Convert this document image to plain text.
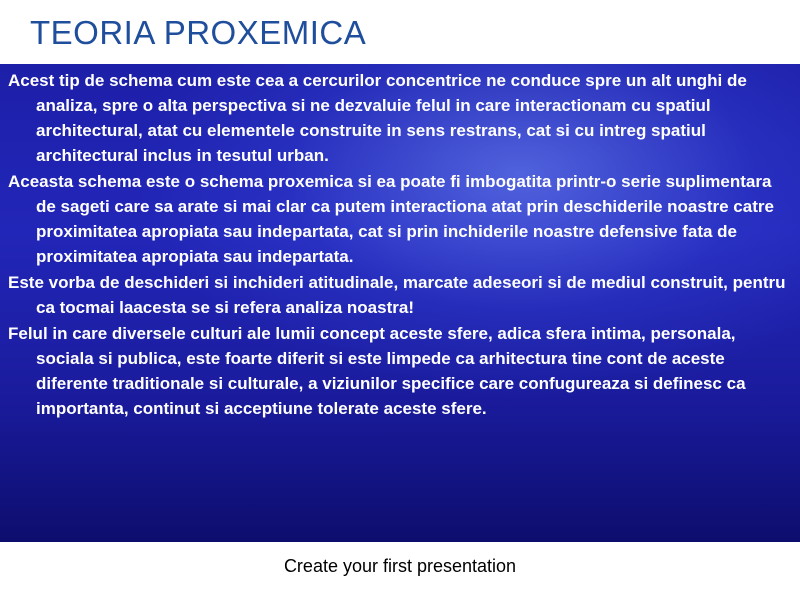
TEORIA PROXEMICA

Acest tip de schema cum este cea a cercurilor concentrice ne conduce spre un alt unghi de analiza, spre o alta perspectiva si ne dezvaluie felul in care interactionam cu spatiul architectural, atat cu elementele construite in sens restrans, cat si cu intreg spatiul architectural inclus in tesutul urban.

Aceasta schema este o schema proxemica si ea poate fi imbogatita printr-o serie suplimentara de sageti care sa arate si mai clar ca putem interactiona atat prin deschiderile noastre catre proximitatea apropiata sau indepartata, cat si prin inchiderile noastre defensive fata de proximitatea apropiata sau indepartata.

Este vorba de deschideri si inchideri atitudinale, marcate adeseori si de mediul construit, pentru ca tocmai laacesta se si refera analiza noastra!

Felul in care diversele culturi ale lumii concept aceste sfere, adica sfera intima, personala, sociala si publica, este foarte diferit si este limpede ca arhitectura tine cont de aceste diferente traditionale si culturale, a viziunilor specifice care confugureaza si definesc ca importanta, continut si acceptiune tolerate aceste sfere.

Create your first presentation
